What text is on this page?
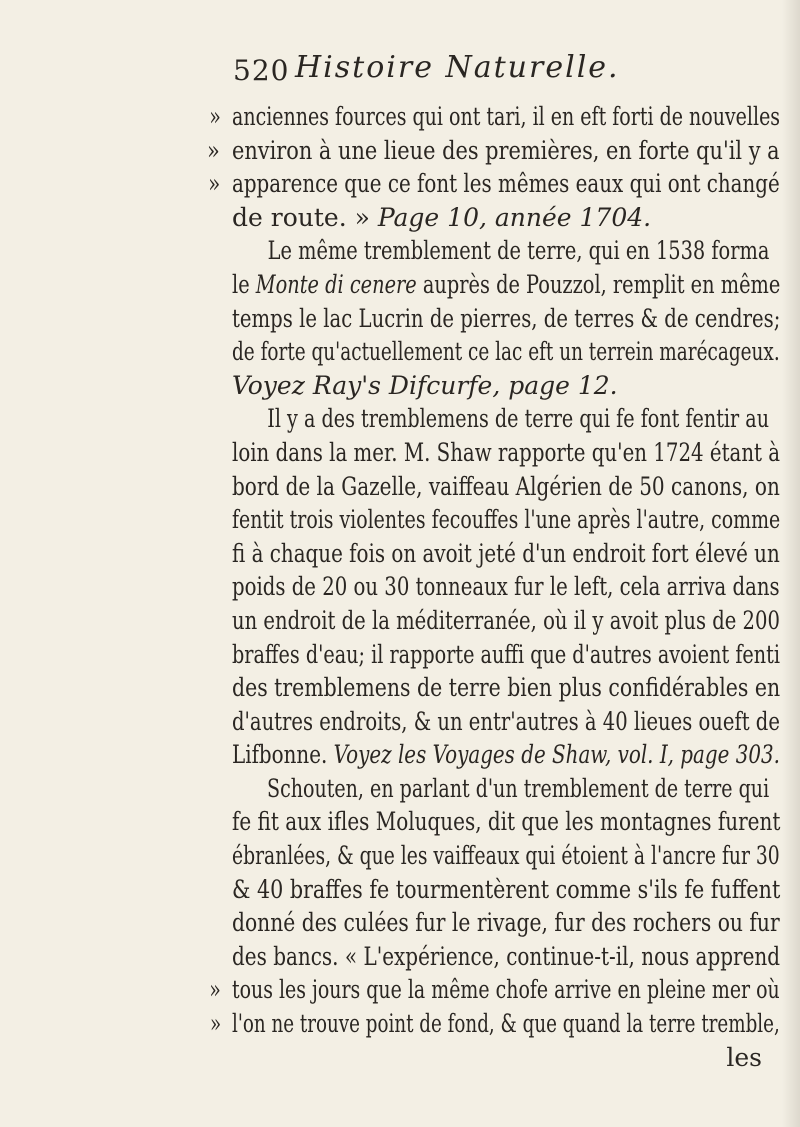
520 Histoire Naturelle.
» anciennes fources qui ont tari, il en eft forti de nouvelles
» environ à une lieue des premières, en forte qu'il y a
» apparence que ce font les mêmes eaux qui ont changé
de route. » Page 10, année 1704.
Le même tremblement de terre, qui en 1538 forma
le Monte di cenere auprès de Pouzzol, remplit en même
temps le lac Lucrin de pierres, de terres & de cendres;
de forte qu'actuellement ce lac eft un terrein marécageux.
Voyez Ray's Difcurfe, page 12.
Il y a des tremblemens de terre qui fe font fentir au
loin dans la mer. M. Shaw rapporte qu'en 1724 étant à
bord de la Gazelle, vaiffeau Algérien de 50 canons, on
fentit trois violentes fecouffes l'une après l'autre, comme
fi à chaque fois on avoit jeté d'un endroit fort élevé un
poids de 20 ou 30 tonneaux fur le left, cela arriva dans
un endroit de la méditerranée, où il y avoit plus de 200
braffes d'eau; il rapporte auffi que d'autres avoient fenti
des tremblemens de terre bien plus confidérables en
d'autres endroits, & un entr'autres à 40 lieues oueft de
Lifbonne. Voyez les Voyages de Shaw, vol. I, page 303.
Schouten, en parlant d'un tremblement de terre qui
fe fit aux ifles Moluques, dit que les montagnes furent
ébranlées, & que les vaiffeaux qui étoient à l'ancre fur 30
& 40 braffes fe tourmentèrent comme s'ils fe fuffent
donné des culées fur le rivage, fur des rochers ou fur
des bancs. « L'expérience, continue-t-il, nous apprend
» tous les jours que la même chofe arrive en pleine mer où
» l'on ne trouve point de fond, & que quand la terre tremble,
les
